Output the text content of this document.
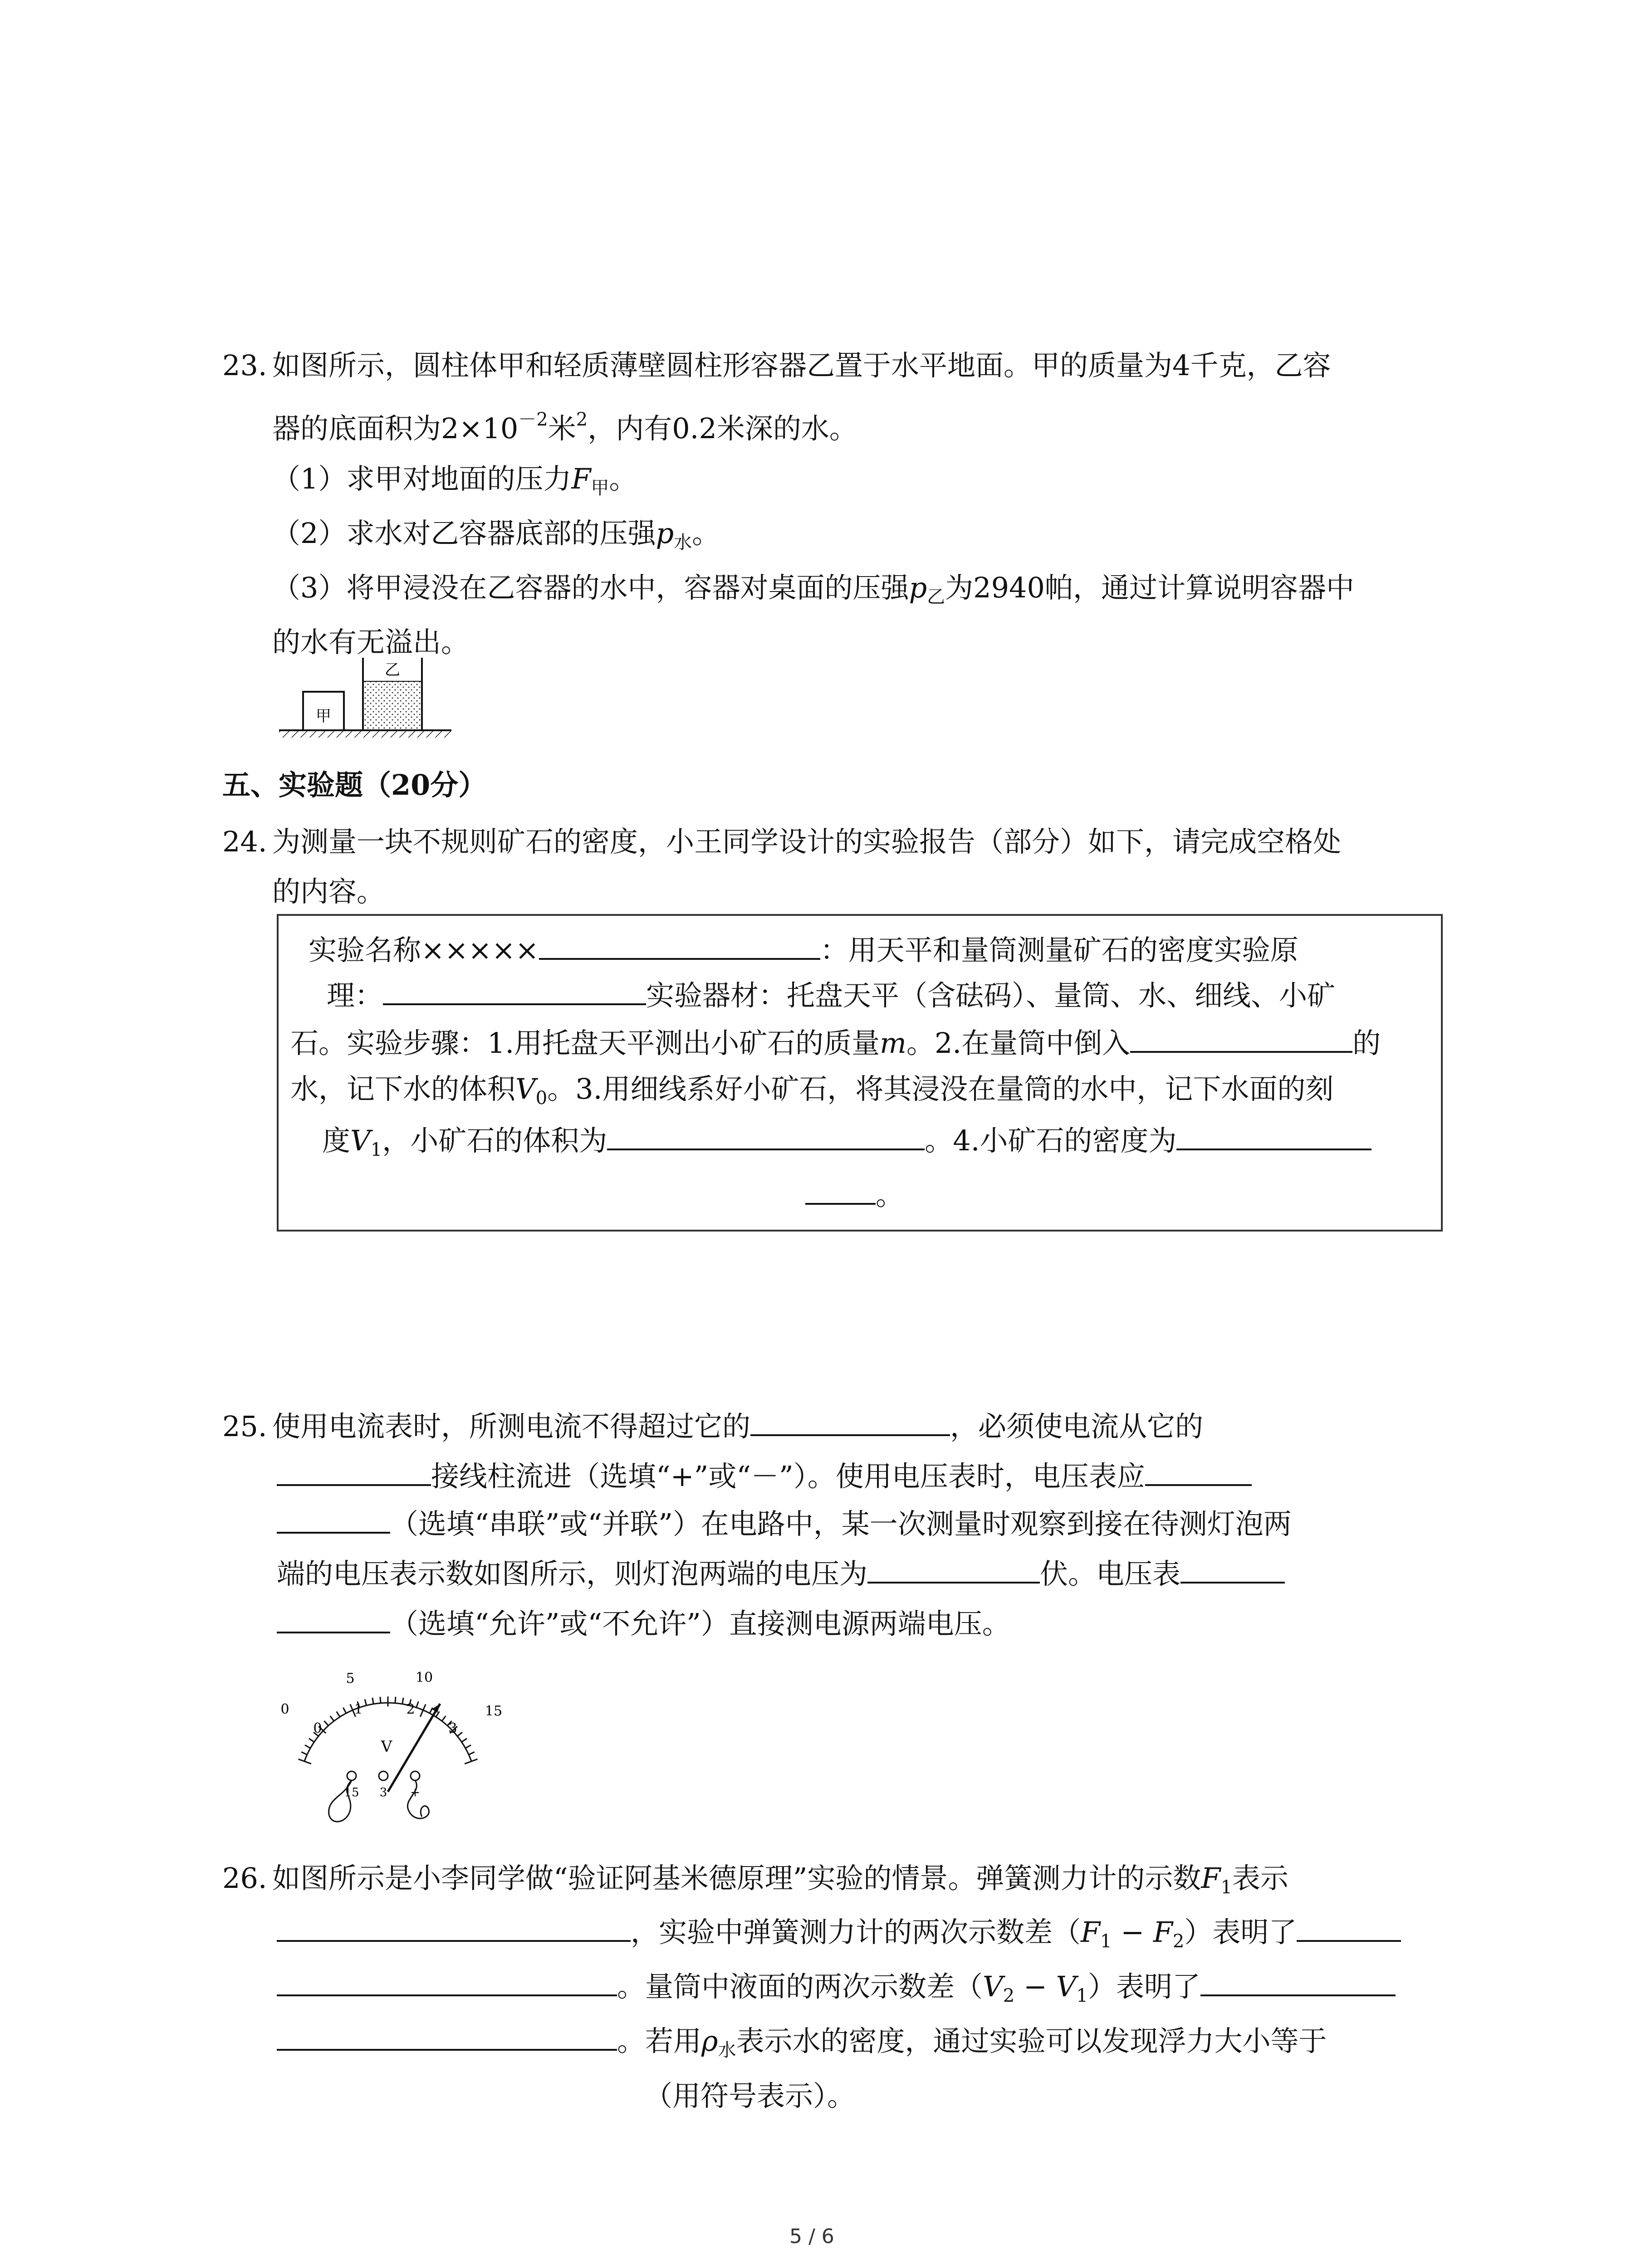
23. 如图所示，圆柱体甲和轻质薄壁圆柱形容器乙置于水平地面。甲的质量为4千克，乙容
器的底面积为$2\times 10^{-2}$米$^2$，内有0.2米深的水。
（1）求甲对地面的压力$F_甲$。
（2）求水对乙容器底部的压强$p_水$。
（3）将甲浸没在乙容器的水中，容器对桌面的压强$p_乙$为2940帕，通过计算说明容器中
的水有无溢出。
甲
乙
五、实验题（20分）
24. 为测量一块不规则矿石的密度，小王同学设计的实验报告（部分）如下，请完成空格处
的内容。
实验名称×××××	：用天平和量筒测量矿石的密度实验原
理：	实验器材：托盘天平（含砝码）、量筒、水、细线、小矿
石。实验步骤：1.用托盘天平测出小矿石的质量m。2.在量筒中倒入	的
水，记下水的体积$V_0$。3.用细线系好小矿石，将其浸没在量筒的水中，记下水面的刻
度$V_1$，小矿石的体积为	。4.小矿石的密度为
。
25. 使用电流表时，所测电流不得超过它的	，必须使电流从它的
接线柱流进（选填“+”或“－”）。使用电压表时，电压表应
（选填“串联”或“并联”）在电路中，某一次测量时观察到接在待测灯泡两
端的电压表示数如图所示，则灯泡两端的电压为	伏。电压表
（选填“允许”或“不允许”）直接测电源两端电压。
0
5	10
15
0
1	2
3
V
15 3 +
26. 如图所示是小李同学做“验证阿基米德原理”实验的情景。弹簧测力计的示数$F_1$表示
，实验中弹簧测力计的两次示数差$(F_1 - F_2)$表明了
。量筒中液面的两次示数差$(V_2 - V_1)$表明了
。若用$\rho_水$表示水的密度，通过实验可以发现浮力大小等于
（用符号表示）。
5 / 6
